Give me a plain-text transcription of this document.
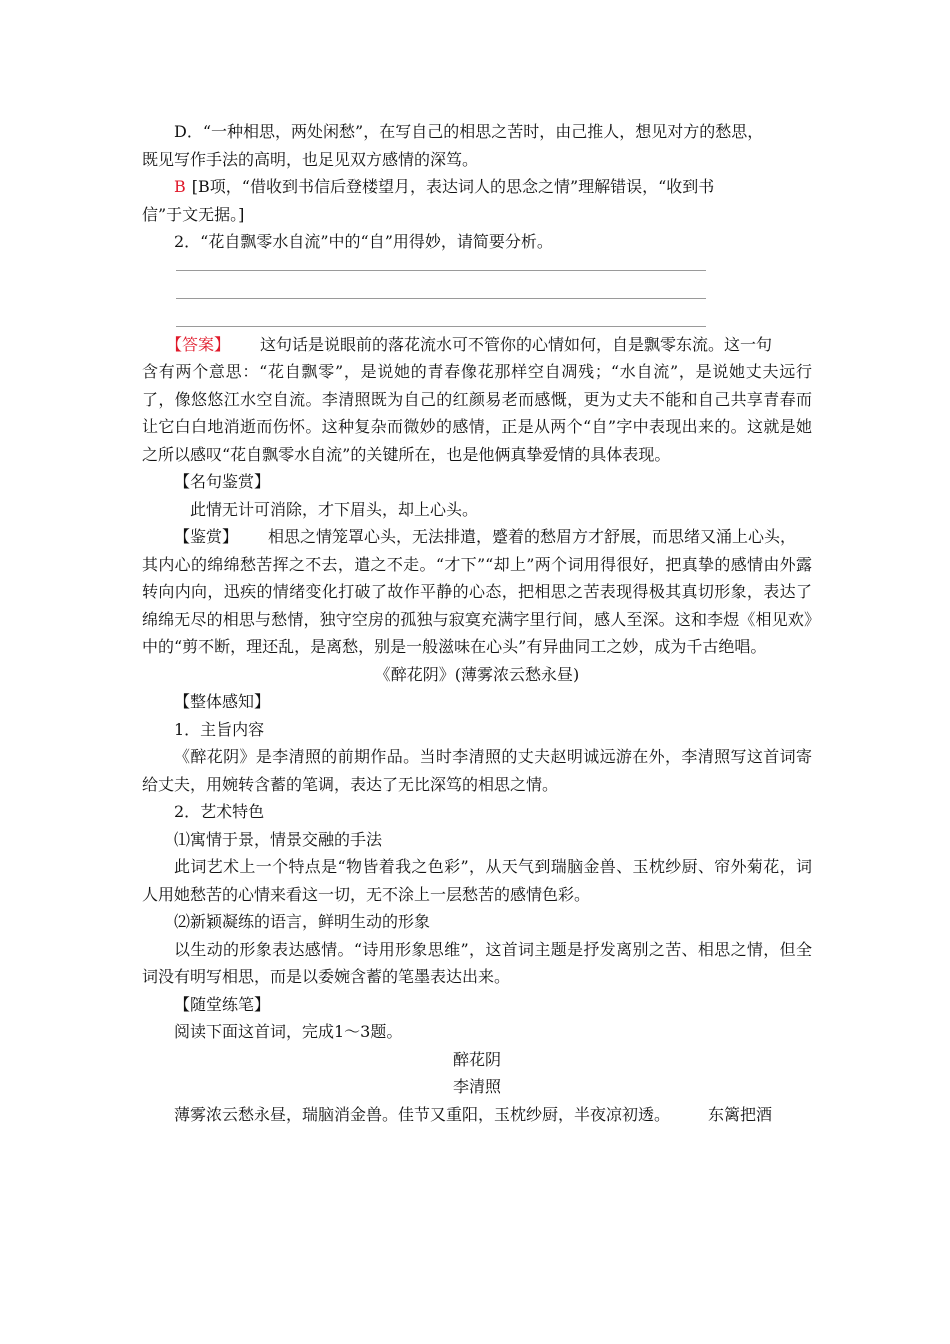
D．“一种相思，两处闲愁”，在写自己的相思之苦时，由己推人，想见对方的愁思，

既见写作手法的高明，也足见双方感情的深笃。

B [B项，“借收到书信后登楼望月，表达词人的思念之情”理解错误，“收到书

信”于文无据。]

2．“花自飘零水自流”中的“自”用得妙，请简要分析。

【答案】 这句话是说眼前的落花流水可不管你的心情如何，自是飘零东流。这一句

含有两个意思：“花自飘零”，是说她的青春像花那样空自凋残；“水自流”，是说她丈夫远行了，像悠悠江水空自流。李清照既为自己的红颜易老而感慨，更为丈夫不能和自己共享青春而让它白白地消逝而伤怀。这种复杂而微妙的感情，正是从两个“自”字中表现出来的。这就是她之所以感叹“花自飘零水自流”的关键所在，也是他俩真挚爱情的具体表现。

【名句鉴赏】

此情无计可消除，才下眉头，却上心头。

【鉴赏】 相思之情笼罩心头，无法排遣，蹙着的愁眉方才舒展，而思绪又涌上心头，

其内心的绵绵愁苦挥之不去，遣之不走。“才下”“却上”两个词用得很好，把真挚的感情由外露转向内向，迅疾的情绪变化打破了故作平静的心态，把相思之苦表现得极其真切形象，表达了绵绵无尽的相思与愁情，独守空房的孤独与寂寞充满字里行间，感人至深。这和李煜《相见欢》中的“剪不断，理还乱，是离愁，别是一般滋味在心头”有异曲同工之妙，成为千古绝唱。

《醉花阴》(薄雾浓云愁永昼)

【整体感知】

1．主旨内容

《醉花阴》是李清照的前期作品。当时李清照的丈夫赵明诚远游在外，李清照写这首词寄给丈夫，用婉转含蓄的笔调，表达了无比深笃的相思之情。

2．艺术特色

⑴寓情于景，情景交融的手法

此词艺术上一个特点是“物皆着我之色彩”，从天气到瑞脑金兽、玉枕纱厨、帘外菊花，词人用她愁苦的心情来看这一切，无不涂上一层愁苦的感情色彩。

⑵新颖凝练的语言，鲜明生动的形象

以生动的形象表达感情。“诗用形象思维”，这首词主题是抒发离别之苦、相思之情，但全词没有明写相思，而是以委婉含蓄的笔墨表达出来。

【随堂练笔】

阅读下面这首词，完成1～3题。

醉花阴

李清照

薄雾浓云愁永昼，瑞脑消金兽。佳节又重阳，玉枕纱厨，半夜凉初透。 东篱把酒
